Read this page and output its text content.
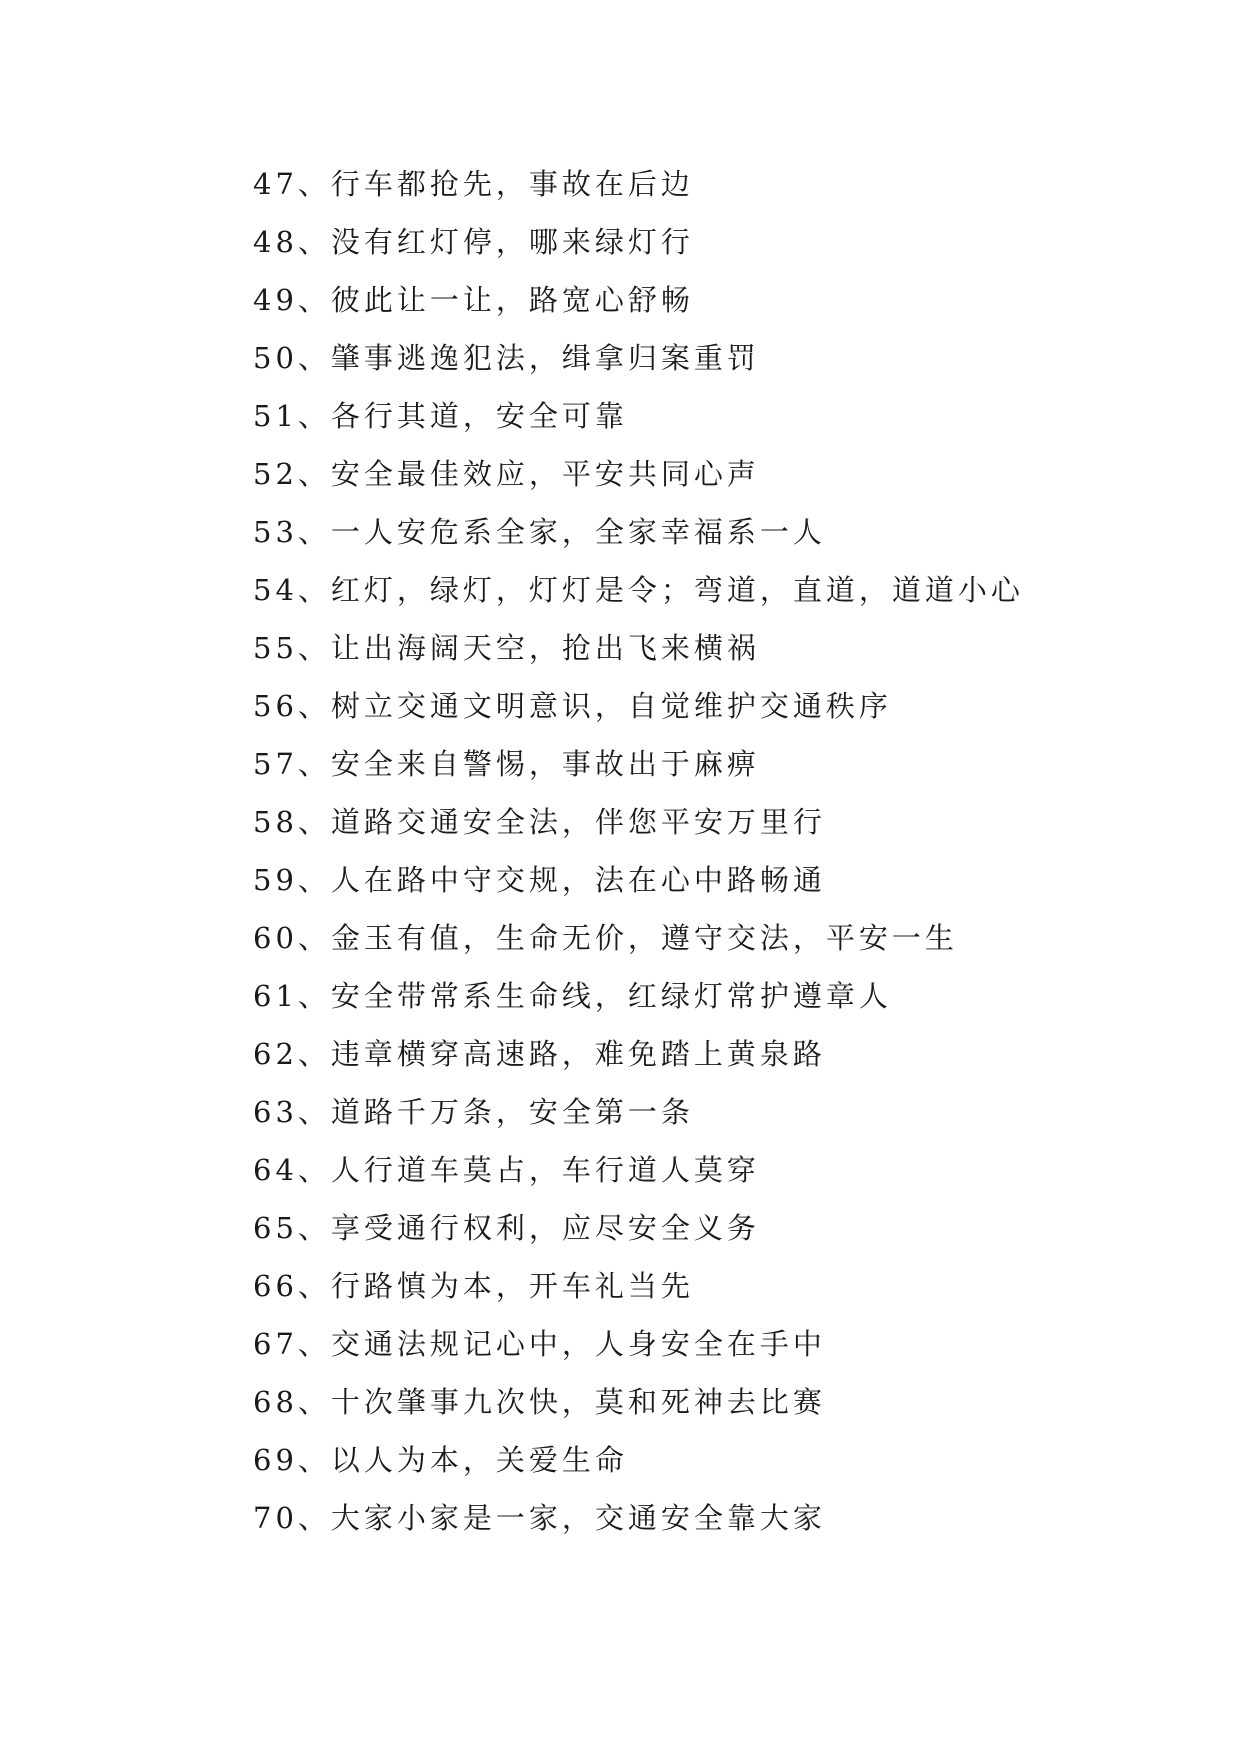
47、行车都抢先，事故在后边
48、没有红灯停，哪来绿灯行
49、彼此让一让，路宽心舒畅
50、肇事逃逸犯法，缉拿归案重罚
51、各行其道，安全可靠
52、安全最佳效应，平安共同心声
53、一人安危系全家，全家幸福系一人
54、红灯，绿灯，灯灯是令；弯道，直道，道道小心
55、让出海阔天空，抢出飞来横祸
56、树立交通文明意识，自觉维护交通秩序
57、安全来自警惕，事故出于麻痹
58、道路交通安全法，伴您平安万里行
59、人在路中守交规，法在心中路畅通
60、金玉有值，生命无价，遵守交法，平安一生
61、安全带常系生命线，红绿灯常护遵章人
62、违章横穿高速路，难免踏上黄泉路
63、道路千万条，安全第一条
64、人行道车莫占，车行道人莫穿
65、享受通行权利，应尽安全义务
66、行路慎为本，开车礼当先
67、交通法规记心中，人身安全在手中
68、十次肇事九次快，莫和死神去比赛
69、以人为本，关爱生命
70、大家小家是一家，交通安全靠大家
